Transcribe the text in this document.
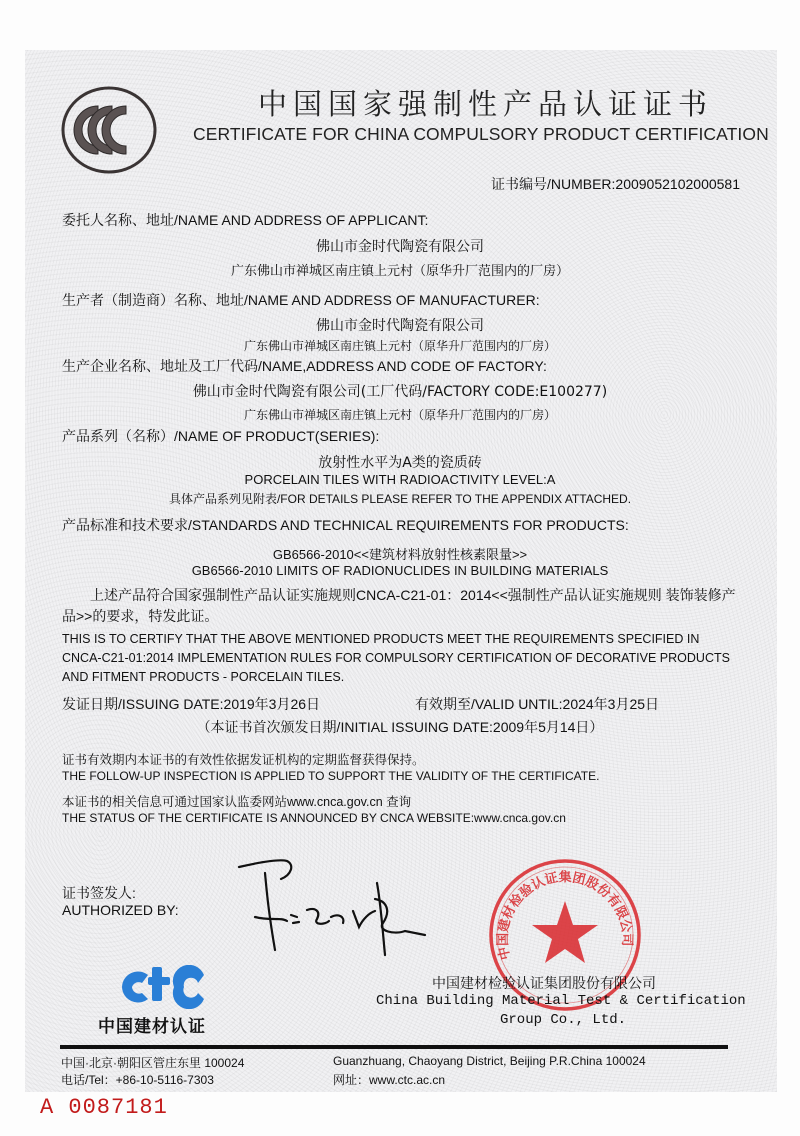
中国国家强制性产品认证证书
CERTIFICATE FOR CHINA COMPULSORY PRODUCT CERTIFICATION
证书编号/NUMBER:2009052102000581
委托人名称、地址/NAME AND ADDRESS OF APPLICANT:
佛山市金时代陶瓷有限公司
广东佛山市禅城区南庄镇上元村（原华升厂范围内的厂房）
生产者（制造商）名称、地址/NAME AND ADDRESS OF MANUFACTURER:
佛山市金时代陶瓷有限公司
广东佛山市禅城区南庄镇上元村（原华升厂范围内的厂房）
生产企业名称、地址及工厂代码/NAME,ADDRESS AND CODE OF FACTORY:
佛山市金时代陶瓷有限公司(工厂代码/FACTORY CODE:E100277)
广东佛山市禅城区南庄镇上元村（原华升厂范围内的厂房）
产品系列（名称）/NAME OF PRODUCT(SERIES):
放射性水平为A类的瓷质砖
PORCELAIN TILES WITH RADIOACTIVITY LEVEL:A
具体产品系列见附表/FOR DETAILS PLEASE REFER TO THE APPENDIX ATTACHED.
产品标准和技术要求/STANDARDS AND TECHNICAL REQUIREMENTS FOR PRODUCTS:
GB6566-2010<<建筑材料放射性核素限量>>
GB6566-2010 LIMITS OF RADIONUCLIDES IN BUILDING MATERIALS
上述产品符合国家强制性产品认证实施规则CNCA-C21-01：2014<<强制性产品认证实施规则 装饰装修产品>>的要求，特发此证。
THIS IS TO CERTIFY THAT THE ABOVE MENTIONED PRODUCTS MEET THE REQUIREMENTS SPECIFIED IN CNCA-C21-01:2014 IMPLEMENTATION RULES FOR COMPULSORY CERTIFICATION OF DECORATIVE PRODUCTS AND FITMENT PRODUCTS - PORCELAIN TILES.
发证日期/ISSUING DATE:2019年3月26日	有效期至/VALID UNTIL:2024年3月25日
（本证书首次颁发日期/INITIAL ISSUING DATE:2009年5月14日）
证书有效期内本证书的有效性依据发证机构的定期监督获得保持。
THE FOLLOW-UP INSPECTION IS APPLIED TO SUPPORT THE VALIDITY OF THE CERTIFICATE.
本证书的相关信息可通过国家认监委网站www.cnca.gov.cn 查询
THE STATUS OF THE CERTIFICATE IS ANNOUNCED BY CNCA WEBSITE:www.cnca.gov.cn
证书签发人:
AUTHORIZED BY:
中国建材检验认证集团股份有限公司
中国建材认证
中国建材检验认证集团股份有限公司
China Building Material Test & Certification
Group Co., Ltd.
中国·北京·朝阳区管庄东里 100024
电话/Tel：+86-10-5116-7303
Guanzhuang, Chaoyang District, Beijing P.R.China 100024
网址：www.ctc.ac.cn
A 0087181
